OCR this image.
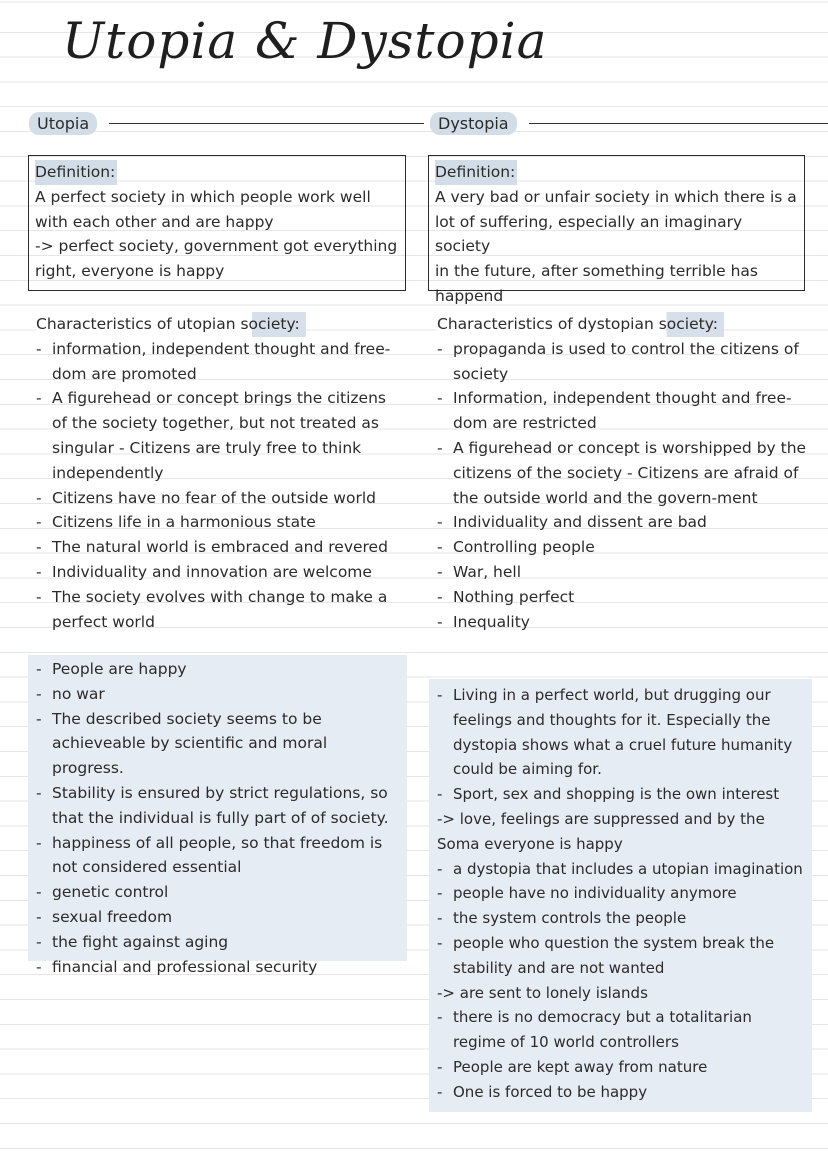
Utopia & Dystopia
Utopia	Dystopia
Definition:

A perfect society in which people work well

with each other and are happy

-> perfect society, government got everything

right, everyone is happy

Definition:

A very bad or unfair society in which there is a

lot of suffering, especially an imaginary society

in the future, after something terrible has

happend

Characteristics of utopian society:
- information, independent thought and free-dom are promoted
- A figurehead or concept brings the citizens of the society together, but not treated as singular - Citizens are truly free to think independently
- Citizens have no fear of the outside world
- Citizens life in a harmonious state
- The natural world is embraced and revered
- Individuality and innovation are welcome
- The society evolves with change to make a perfect world
Characteristics of dystopian society:
- propaganda is used to control the citizens of society
- Information, independent thought and free-dom are restricted
- A figurehead or concept is worshipped by the citizens of the society - Citizens are afraid of the outside world and the govern-ment
- Individuality and dissent are bad
- Controlling people
- War, hell
- Nothing perfect
- Inequality
- People are happy
- no war
- The described society seems to be achieveable by scientific and moral progress.
- Stability is ensured by strict regulations, so that the individual is fully part of of society.
- happiness of all people, so that freedom is not considered essential
- genetic control
- sexual freedom
- the fight against aging
- financial and professional security
- Living in a perfect world, but drugging our feelings and thoughts for it. Especially the dystopia shows what a cruel future humanity could be aiming for.
- Sport, sex and shopping is the own interest
-> love, feelings are suppressed and by the Soma everyone is happy
- a dystopia that includes a utopian imagination
- people have no individuality anymore
- the system controls the people
- people who question the system break the stability and are not wanted
-> are sent to lonely islands
- there is no democracy but a totalitarian regime of 10 world controllers
- People are kept away from nature
- One is forced to be happy
